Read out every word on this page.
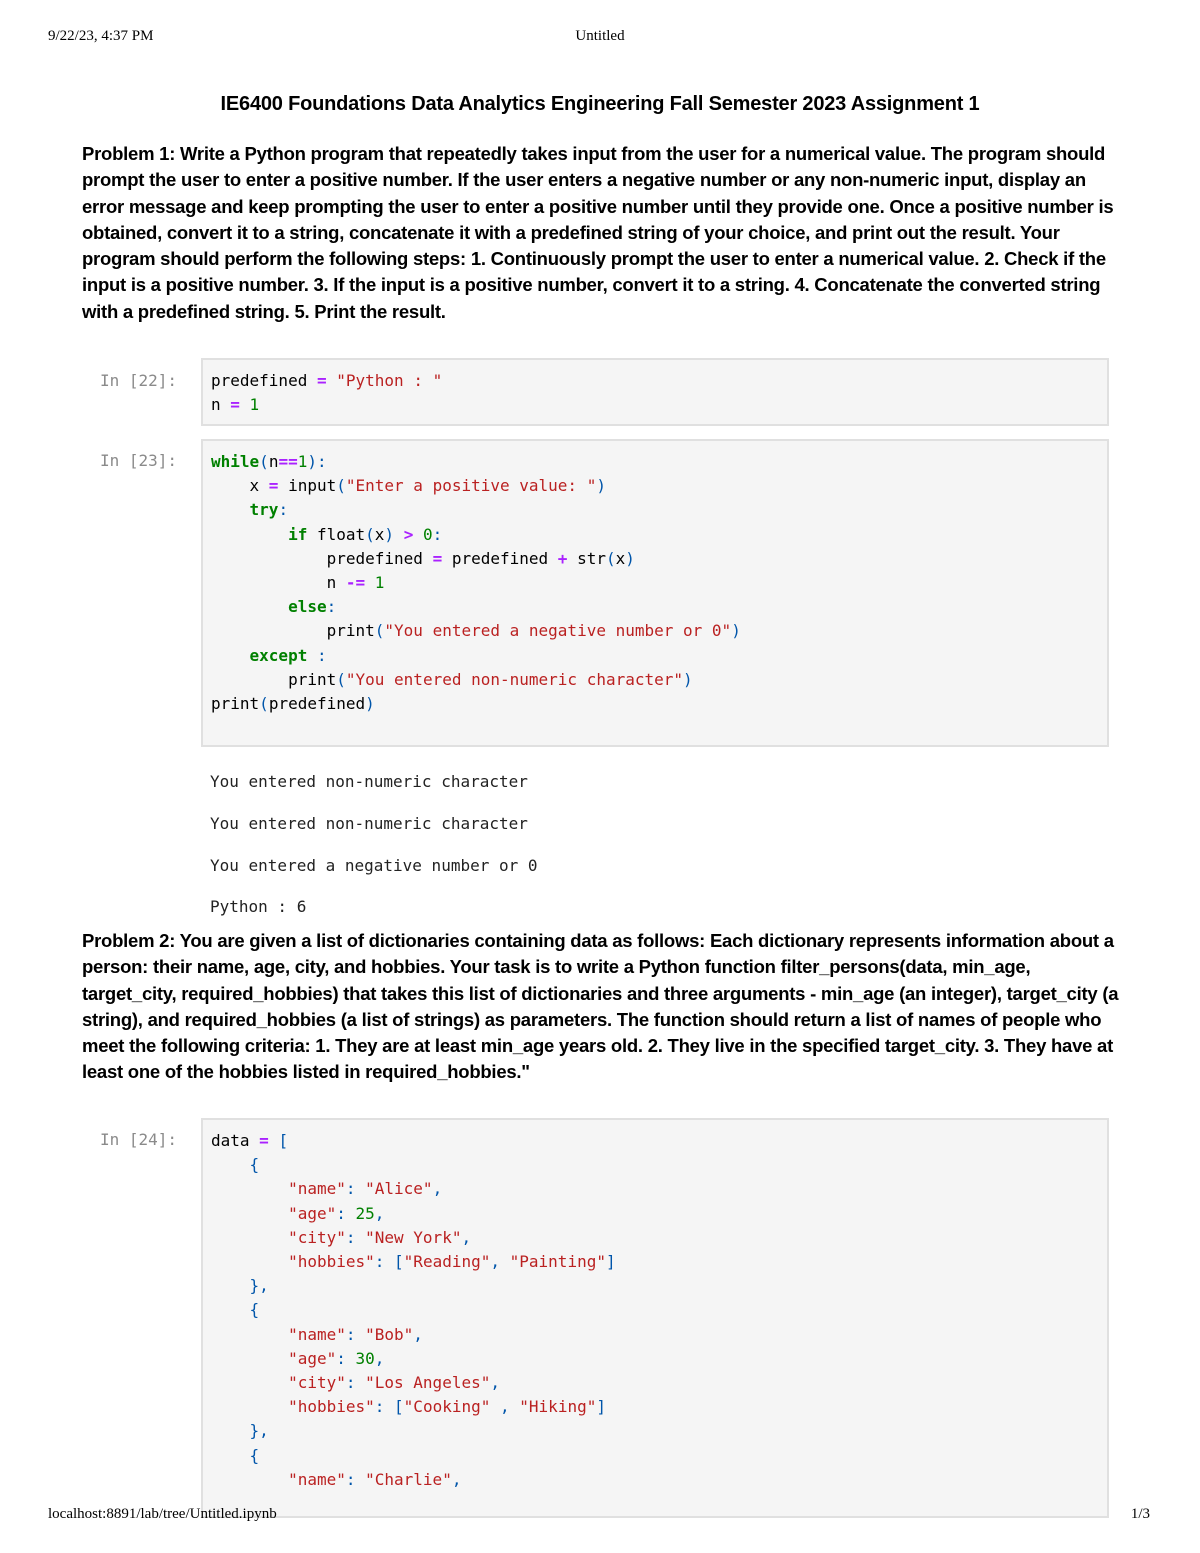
9/22/23, 4:37 PM	Untitled
IE6400 Foundations Data Analytics Engineering Fall Semester 2023 Assignment 1

Problem 1: Write a Python program that repeatedly takes input from the user for a numerical value. The program should prompt the user to enter a positive number. If the user enters a negative number or any non-numeric input, display an error message and keep prompting the user to enter a positive number until they provide one. Once a positive number is obtained, convert it to a string, concatenate it with a predefined string of your choice, and print out the result. Your program should perform the following steps: 1. Continuously prompt the user to enter a numerical value. 2. Check if the input is a positive number. 3. If the input is a positive number, convert it to a string. 4. Concatenate the converted string with a predefined string. 5. Print the result.

In [22]:	predefined = "Python : "
n = 1
In [23]:	while(n==1):
x = input("Enter a positive value: ")
try:
if float(x) > 0:
predefined = predefined + str(x)
n -= 1
else:
print("You entered a negative number or 0")
except :
print("You entered non-numeric character")
print(predefined)
You entered non-numeric character
You entered non-numeric character
You entered a negative number or 0
Python : 6

Problem 2: You are given a list of dictionaries containing data as follows: Each dictionary represents information about a person: their name, age, city, and hobbies. Your task is to write a Python function filter_persons(data, min_age, target_city, required_hobbies) that takes this list of dictionaries and three arguments - min_age (an integer), target_city (a string), and required_hobbies (a list of strings) as parameters. The function should return a list of names of people who meet the following criteria: 1. They are at least min_age years old. 2. They live in the specified target_city. 3. They have at least one of the hobbies listed in required_hobbies."

In [24]:	data = [
{
"name": "Alice",
"age": 25,
"city": "New York",
"hobbies": ["Reading", "Painting"]
},
{
"name": "Bob",
"age": 30,
"city": "Los Angeles",
"hobbies": ["Cooking" , "Hiking"]
},
{
"name": "Charlie",
localhost:8891/lab/tree/Untitled.ipynb	1/3
